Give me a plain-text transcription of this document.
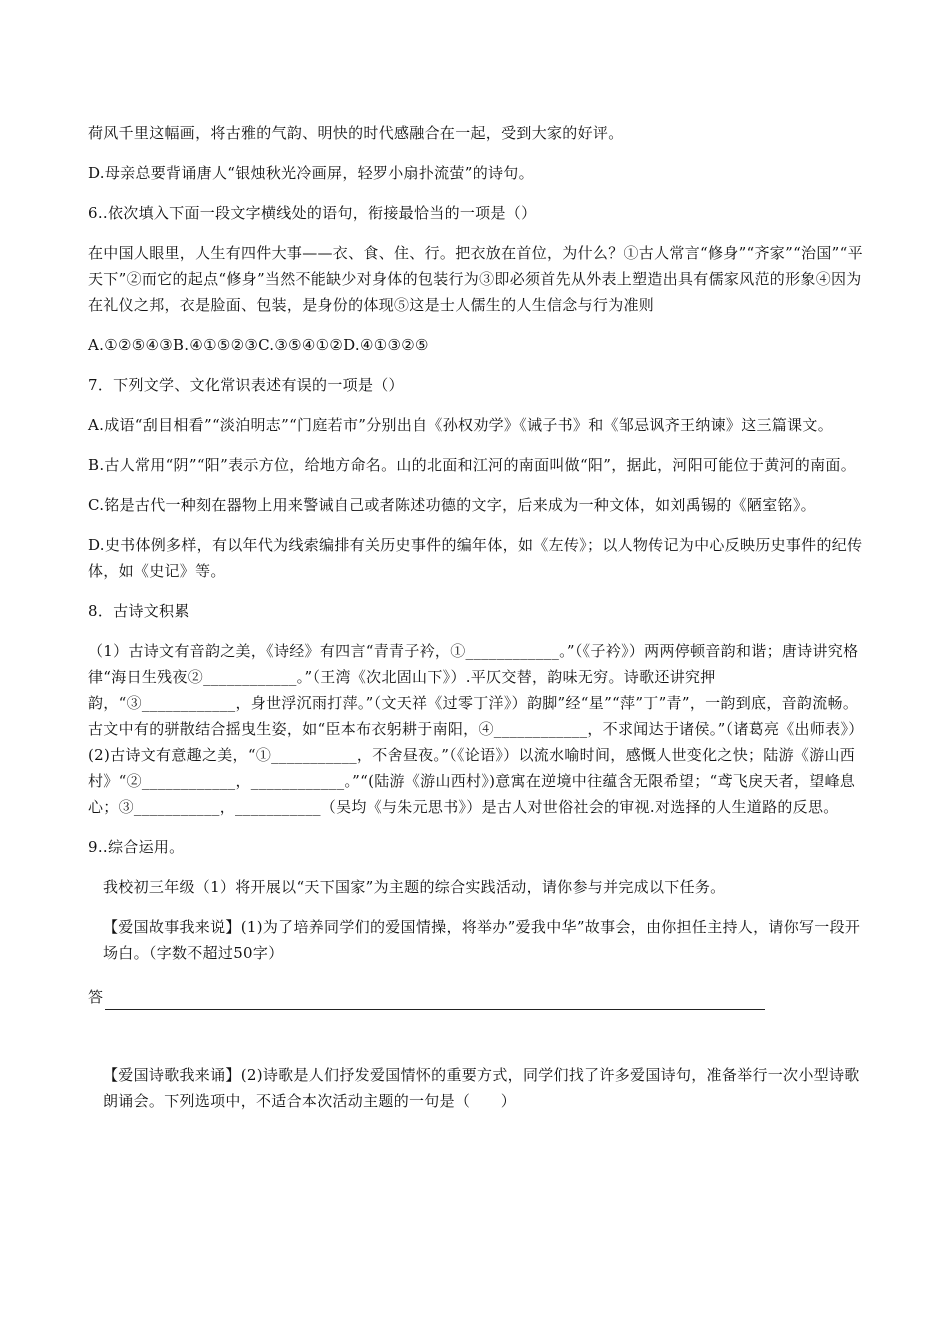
荷风千里这幅画，将古雅的气韵、明快的时代感融合在一起，受到大家的好评。

D.母亲总要背诵唐人“银烛秋光冷画屏，轻罗小扇扑流萤”的诗句。

6..依次填入下面一段文字横线处的语句，衔接最恰当的一项是（）

在中国人眼里，人生有四件大事——衣、食、住、行。把衣放在首位，为什么？①古人常言“修身”“齐家”“治国”“平天下”②而它的起点“修身”当然不能缺少对身体的包装行为③即必须首先从外表上塑造出具有儒家风范的形象④因为在礼仪之邦，衣是脸面、包装，是身份的体现⑤这是士人儒生的人生信念与行为准则

A.①②⑤④③B.④①⑤②③C.③⑤④①②D.④①③②⑤

7．下列文学、文化常识表述有误的一项是（）

A.成语“刮目相看”“淡泊明志”“门庭若市”分别出自《孙权劝学》《诫子书》和《邹忌讽齐王纳谏》这三篇课文。

B.古人常用“阴”“阳”表示方位，给地方命名。山的北面和江河的南面叫做“阳”，据此，河阳可能位于黄河的南面。

C.铭是古代一种刻在器物上用来警诫自己或者陈述功德的文字，后来成为一种文体，如刘禹锡的《陋室铭》。

D.史书体例多样，有以年代为线索编排有关历史事件的编年体，如《左传》；以人物传记为中心反映历史事件的纪传体，如《史记》等。

8．古诗文积累

（1）古诗文有音韵之美，《诗经》有四言“青青子衿，①____________。”（《子衿》）两两停顿音韵和谐；唐诗讲究格律“海日生残夜②____________。”（王湾《次北固山下》）.平仄交替，韵味无穷。诗歌还讲究押韵，“③____________，身世浮沉雨打萍。”（文天祥《过零丁洋》）韵脚”经“星”“萍”丁”青”，一韵到底，音韵流畅。古文中有的骈散结合摇曳生姿，如“臣本布衣躬耕于南阳，④____________，不求闻达于诸侯。”（诸葛亮《出师表》）(2)古诗文有意趣之美，“①___________，不舍昼夜。”（《论语》）以流水喻时间，感慨人世变化之快；陆游《游山西村》“②____________，____________。”“(陆游《游山西村》)意寓在逆境中往蕴含无限希望；“鸢飞戾天者，望峰息心；③___________，___________（吴均《与朱元思书》）是古人对世俗社会的审视.对选择的人生道路的反思。

9..综合运用。

我校初三年级（1）将开展以“天下国家”为主题的综合实践活动，请你参与并完成以下任务。

【爱国故事我来说】(1)为了培养同学们的爱国情操，将举办”爱我中华”故事会，由你担任主持人，请你写一段开场白。（字数不超过50字）

答

【爱国诗歌我来诵】(2)诗歌是人们抒发爱国情怀的重要方式，同学们找了许多爱国诗句，准备举行一次小型诗歌朗诵会。下列选项中，不适合本次活动主题的一句是（　　）
